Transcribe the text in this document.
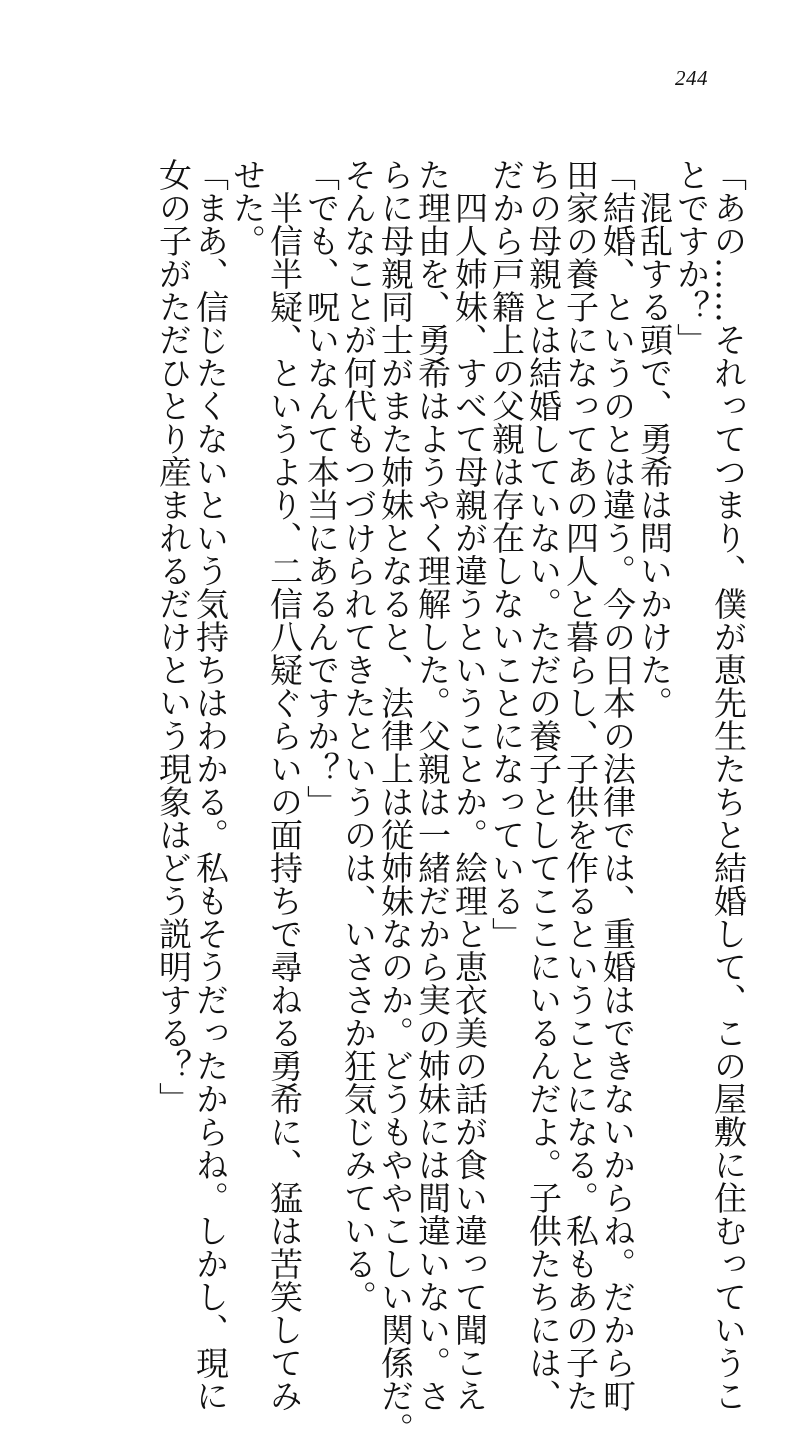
244

「あの……それってつまり、僕が恵先生たちと結婚して、この屋敷に住むっていうこ

とですか？」

混乱する頭で、勇希は問いかけた。

「結婚、というのとは違う。今の日本の法律では、重婚はできないからね。だから町

田家の養子になってあの四人と暮らし、子供を作るということになる。私もあの子た

ちの母親とは結婚していない。ただの養子としてここにいるんだよ。子供たちには、

だから戸籍上の父親は存在しないことになっている」

四人姉妹、すべて母親が違うということか。絵理と恵衣美の話が食い違って聞こえ

た理由を、勇希はようやく理解した。父親は一緒だから実の姉妹には間違いない。さ

らに母親同士がまた姉妹となると、法律上は従姉妹なのか。どうもややこしい関係だ。

そんなことが何代もつづけられてきたというのは、いささか狂気じみている。

「でも、呪いなんて本当にあるんですか？」

半信半疑、というより、二信八疑ぐらいの面持ちで尋ねる勇希に、猛は苦笑してみ

せた。

「まあ、信じたくないという気持ちはわかる。私もそうだったからね。しかし、現に

女の子がただひとり産まれるだけという現象はどう説明する？」
